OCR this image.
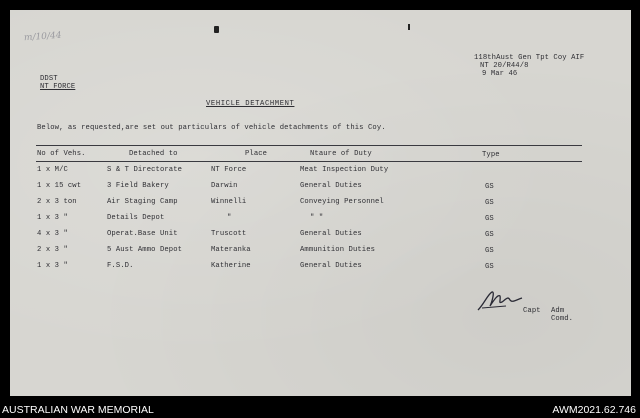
m/10/44
118thAust Gen Tpt Coy AIF
NT 20/R44/8
9 Mar 46
DDST
NT FORCE
VEHICLE DETACHMENT
Below, as requested,are set out particulars of vehicle detachments of this Coy.
No of Vehs.	Detached to	Place	Ntaure of Duty	Type
1 x M/C	S & T Directorate	NT Force	Meat Inspection Duty
1 x 15 cwt	3 Field Bakery	Darwin	General Duties	GS
2 x 3 ton	Air Staging Camp	Winnelli	Conveying Personnel	GS
1 x 3 "	Details Depot	"	" "	GS
4 x 3 "	Operat.Base Unit	Truscott	General Duties	GS
2 x 3 "	5 Aust Ammo Depot	Materanka	Ammunition Duties	GS
1 x 3 "	F.S.D.	Katherine	General Duties	GS
Capt Adm
Comd.
AUSTRALIAN WAR MEMORIAL	AWM2021.62.746
